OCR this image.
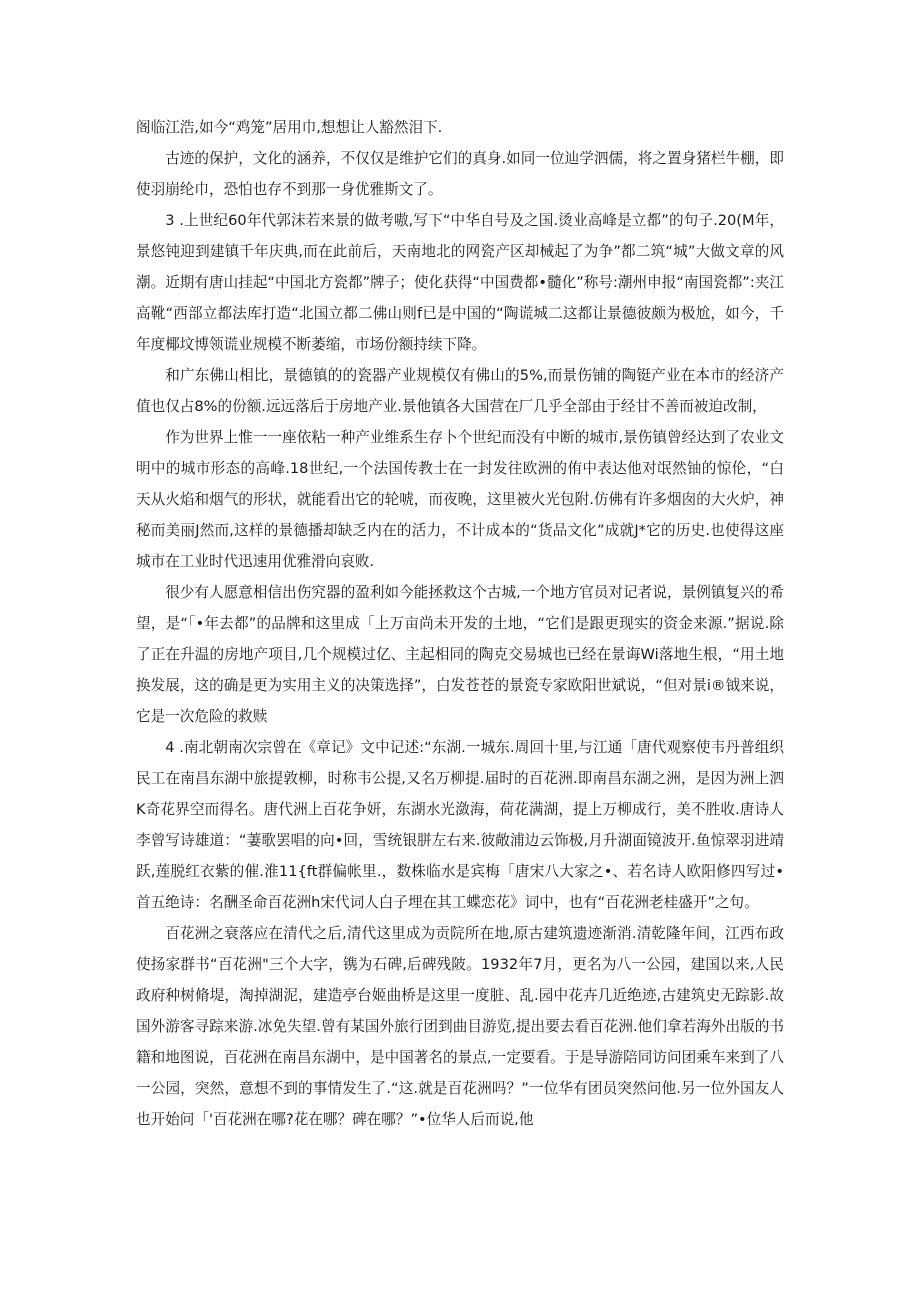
阁临江浩,如今“鸡笼”居用巾,想想让人豁然泪下.

古迹的保护，文化的涵养，不仅仅是维护它们的真身.如同一位辿学泗儒，将之置身猪栏牛棚，即使羽崩纶巾，恐怕也存不到那一身优雅斯文了。

3 .上世纪60年代郭沫若来景的做考嗷,写下“中华自号及之国.烫业高峰是立都”的句子.20(M年，景悠钝迎到建镇千年庆典,而在此前后，天南地北的网瓷产区却械起了为争”都二筑“城”大做文章的风潮。近期有唐山挂起“中国北方瓷都”牌子；使化获得“中国费都•髓化”称号:潮州申报“南国瓷都”:夹江高靴“西部立都法库打造“北国立都二佛山则f已是中国的“陶谎城二这都让景德彼颇为极尬，如今，千年度椰坟博领谎业规模不断萎缩，市场份额持续下降。

和广东佛山相比，景德镇的的瓷器产业规模仅有佛山的5%,而景伤铺的陶铤产业在本市的经济产值也仅占8%的份额.远远落后于房地产业.景他镇各大国营在厂几乎全部由于经甘不善而被迫改制，

作为世界上惟一一座依粘一种产业维系生存卜个世纪而没有中断的城市,景伤镇曾经达到了农业文明中的城市形态的高峰.18世纪,一个法国传教士在一封发往欧洲的侑中表达他对氓然铀的惊伦，“白天从火焰和烟气的形状，就能看出它的轮唬，而夜晚，这里被火光包附.仿佛有许多烟囱的大火炉，神秘而美丽J然而,这样的景德播却缺乏内在的活力，不计成本的“货品文化”成就J*它的历史.也使得这座城市在工业时代迅速用优雅滑向哀败.

很少有人愿意相信出伤究器的盈利如今能拯救这个古城,一个地方官员对记者说，景例镇复兴的希望，是“「•年去都”的品牌和这里成「上万亩尚未开发的土地，“它们是跟更现实的资金来源.”据说.除了正在升温的房地产项目,几个规模过亿、主起相同的陶克交易城也已经在景诲Wi落地生根，“用土地换发展，这的确是更为实用主义的决策选择”，白发苍苍的景瓷专家欧阳世斌说，“但对景i®钺来说，它是一次危险的救赎

4 .南北朝南次宗曾在《章记》文中记述:“东湖.一城东.周回十里,与江通「唐代观察使韦丹普组织民工在南昌东湖中旅提敦柳，时称韦公提,又名万柳提.届时的百花洲.即南昌东湖之洲，是因为洲上泗K奇花界空而得名。唐代洲上百花争妍，东湖水光潋海，荷花满湖，提上万柳成行，美不胜收.唐诗人李曾写诗雄道：“萋歌罢唱的向•回，雪统银胼左右来.彼敞浦边云饰极,月升湖面镜波开.鱼惊翠羽进靖跃,莲脱红衣紫的催.淮11{ft群偏帐里.，数株临水是宾梅「唐宋八大家之•、若名诗人欧阳修四写过•首五绝诗：名酬圣命百花洲h宋代词人白子埋在其工蝶恋花》词中，也有“百花洲老桂盛开”之句。

百花洲之衰落应在清代之后,清代这里成为贡院所在地,原古建筑遗迹渐消.清乾隆年间，江西布政使扬家群书“百花洲"三个大字，镌为石碑,后碑残陂。1932年7月，更名为八一公园，建国以来,人民政府种树脩堤，淘掉湖泥，建造亭台姬曲桥是这里一度脏、乱.园中花卉几近绝迹,古建筑史无踪影.故国外游客寻踪来游.冰免失望.曾有某国外旅行团到曲目游览,提出要去看百花洲.他们拿若海外出版的书籍和地图说，百花洲在南昌东湖中，是中国著名的景点,一定要看。于是导游陪同访问团乘车来到了八一公园，突然，意想不到的事情发生了.“这.就是百花洲吗？”一位华有团员突然问他.另一位外国友人也开始问「'百花洲在哪?花在哪？碑在哪？”•位华人后而说,他
